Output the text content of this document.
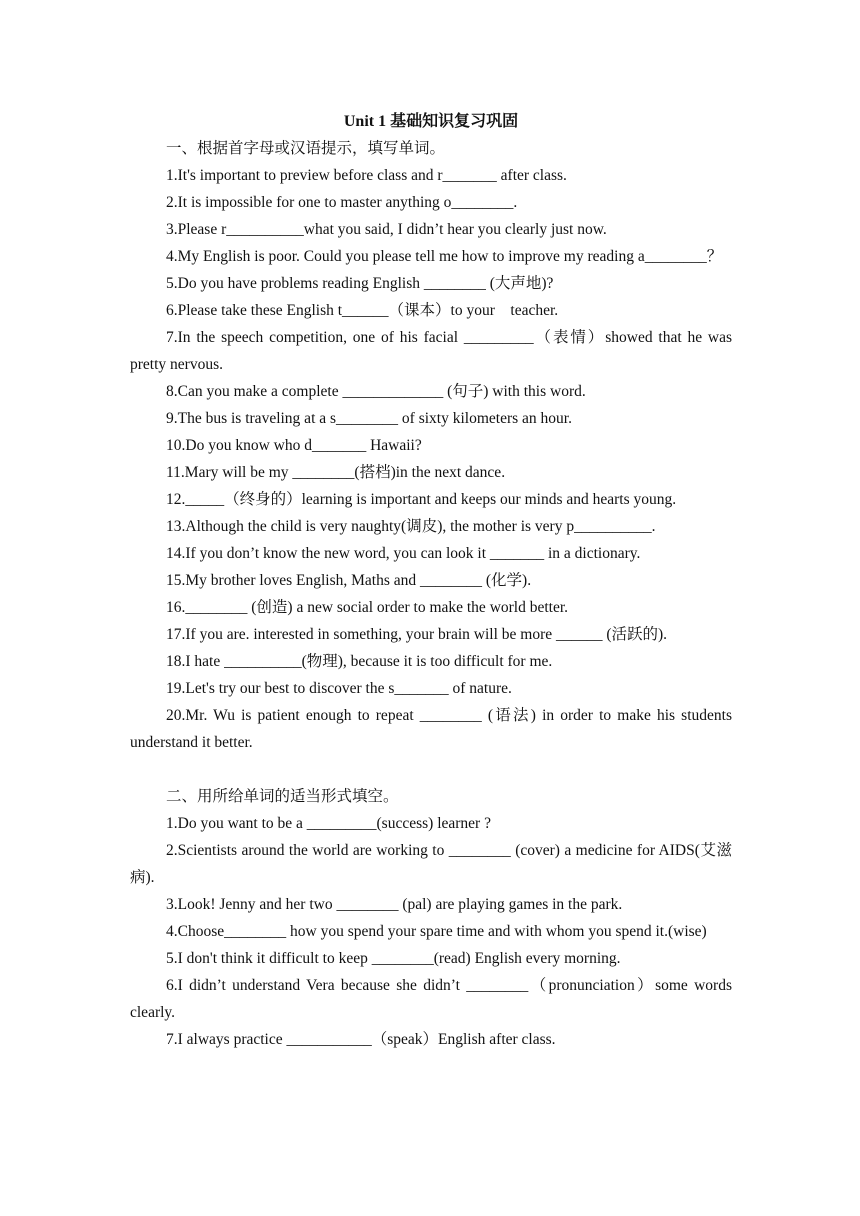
Unit 1 基础知识复习巩固
一、根据首字母或汉语提示，填写单词。
1.It's important to preview before class and r_______ after class.
2.It is impossible for one to master anything o________.
3.Please r__________what you said, I didn’t hear you clearly just now.
4.My English is poor. Could you please tell me how to improve my reading a________？
5.Do you have problems reading English ________ (大声地)?
6.Please take these English t______（课本）to your　teacher.
7.In the speech competition, one of his facial _________（表情）showed that he was pretty nervous.
8.Can you make a complete _____________ (句子) with this word.
9.The bus is traveling at a s________ of sixty kilometers an hour.
10.Do you know who d_______ Hawaii?
11.Mary will be my ________(搭档)in the next dance.
12._____（终身的）learning is important and keeps our minds and hearts young.
13.Although the child is very naughty(调皮), the mother is very p__________.
14.If you don’t know the new word, you can look it _______ in a dictionary.
15.My brother loves English, Maths and ________ (化学).
16.________ (创造) a new social order to make the world better.
17.If you are. interested in something, your brain will be more ______ (活跃的).
18.I hate __________(物理), because it is too difficult for me.
19.Let's try our best to discover the s_______ of nature.
20.Mr. Wu is patient enough to repeat ________ (语法) in order to make his students understand it better.
二、用所给单词的适当形式填空。
1.Do you want to be a _________(success) learner ?
2.Scientists around the world are working to ________ (cover) a medicine for AIDS(艾滋病).
3.Look! Jenny and her two ________ (pal) are playing games in the park.
4.Choose________ how you spend your spare time and with whom you spend it.(wise)
5.I don't think it difficult to keep ________(read) English every morning.
6.I didn’t understand Vera because she didn’t ________（pronunciation）some words clearly.
7.I always practice ___________（speak）English after class.
